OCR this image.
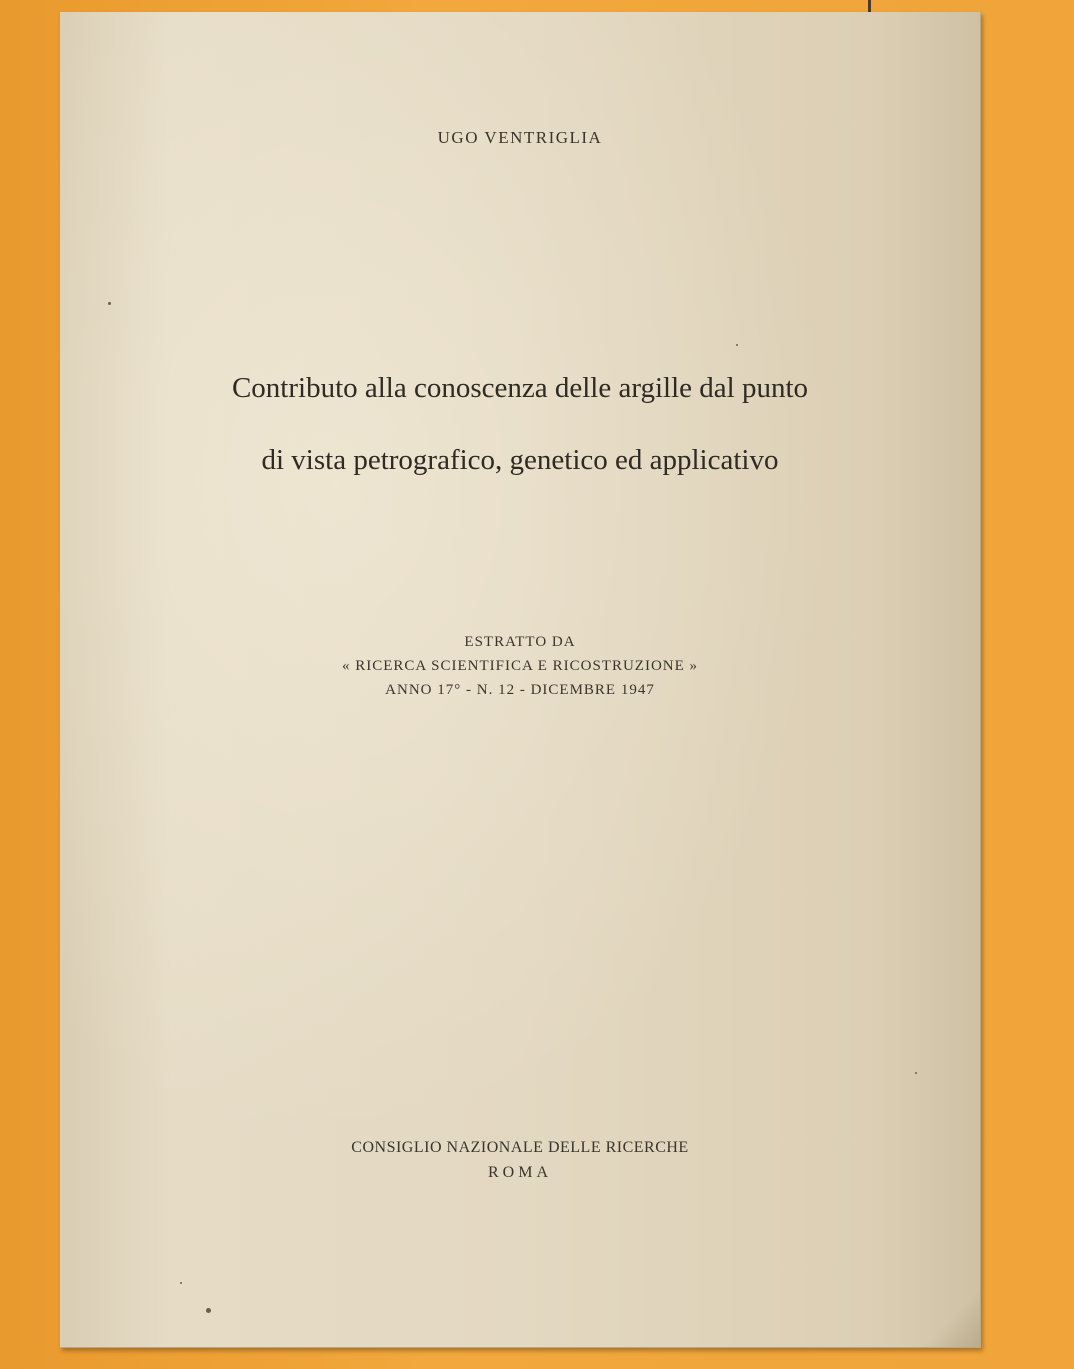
UGO VENTRIGLIA
Contributo alla conoscenza delle argille dal punto
di vista petrografico, genetico ed applicativo
ESTRATTO DA
« RICERCA SCIENTIFICA E RICOSTRUZIONE »
ANNO 17° - N. 12 - DICEMBRE 1947
CONSIGLIO NAZIONALE DELLE RICERCHE
ROMA
